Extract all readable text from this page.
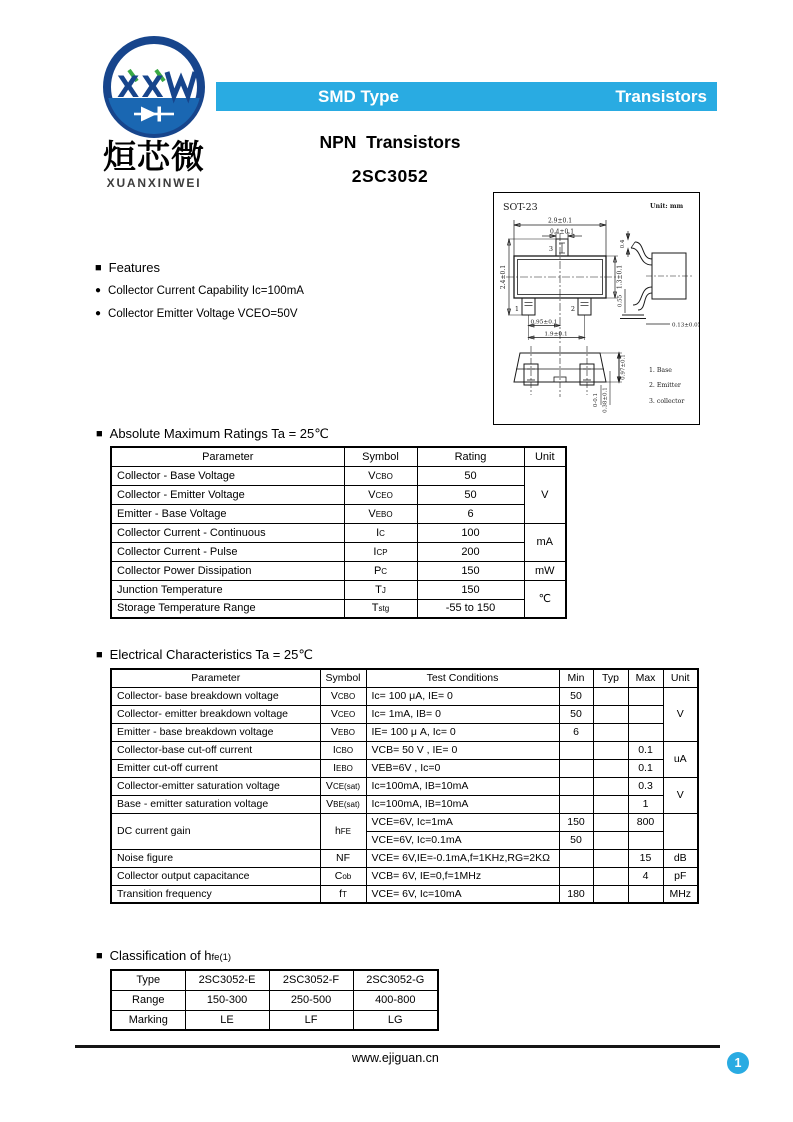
XX
烜芯微
XUANXINWEI
SMD Type	Transistors
NPN  Transistors
2SC3052
■ Features
● Collector Current Capability Ic=100mA
● Collector Emitter Voltage VCEO=50V
SOT-23	Unit: mm
2.9±0.1
0.4±0.1
3
1	2
2.4±0.1	1.3±0.1
0.95±0.1
1.9±0.1
0.4
0.55
0.13±0.05
0.97±0.1
0-0.1 0.38±0.1
1. Base
2. Emitter
3. collector
■ Absolute Maximum Ratings Ta = 25℃
Parameter	Symbol	Rating	Unit
Collector - Base Voltage	VCBO	50	V
Collector - Emitter Voltage	VCEO	50	
Emitter - Base Voltage	VEBO	6	
Collector Current - Continuous	IC	100	mA
Collector Current - Pulse	ICP	200	
Collector Power Dissipation	PC	150	mW
Junction Temperature	TJ	150	℃
Storage Temperature Range	Tstg	-55 to 150	
■ Electrical Characteristics Ta = 25℃
Parameter	Symbol	Test Conditions	Min	Typ	Max	Unit
Collector- base breakdown voltage	VCBO	Ic= 100 μA, IE= 0	50			V
Collector- emitter breakdown voltage	VCEO	Ic= 1mA, IB= 0	50			
Emitter - base breakdown voltage	VEBO	IE= 100 μ A, Ic= 0	6			
Collector-base cut-off current	ICBO	VCB= 50 V , IE= 0			0.1	uA
Emitter cut-off current	IEBO	VEB=6V , Ic=0			0.1	
Collector-emitter saturation voltage	VCE(sat)	Ic=100mA, IB=10mA			0.3	V
Base - emitter saturation voltage	VBE(sat)	Ic=100mA, IB=10mA			1	
DC current gain	hFE	VCE=6V, Ic=1mA	150		800	
		VCE=6V, Ic=0.1mA	50			
Noise figure	NF	VCE= 6V,IE=-0.1mA,f=1KHz,RG=2KΩ			15	dB
Collector output capacitance	Cob	VCB= 6V, IE=0,f=1MHz			4	pF
Transition frequency	fT	VCE= 6V, Ic=10mA	180			MHz
■ Classification of hfe(1)
Type	2SC3052-E	2SC3052-F	2SC3052-G
Range	150-300	250-500	400-800
Marking	LE	LF	LG
www.ejiguan.cn	1
